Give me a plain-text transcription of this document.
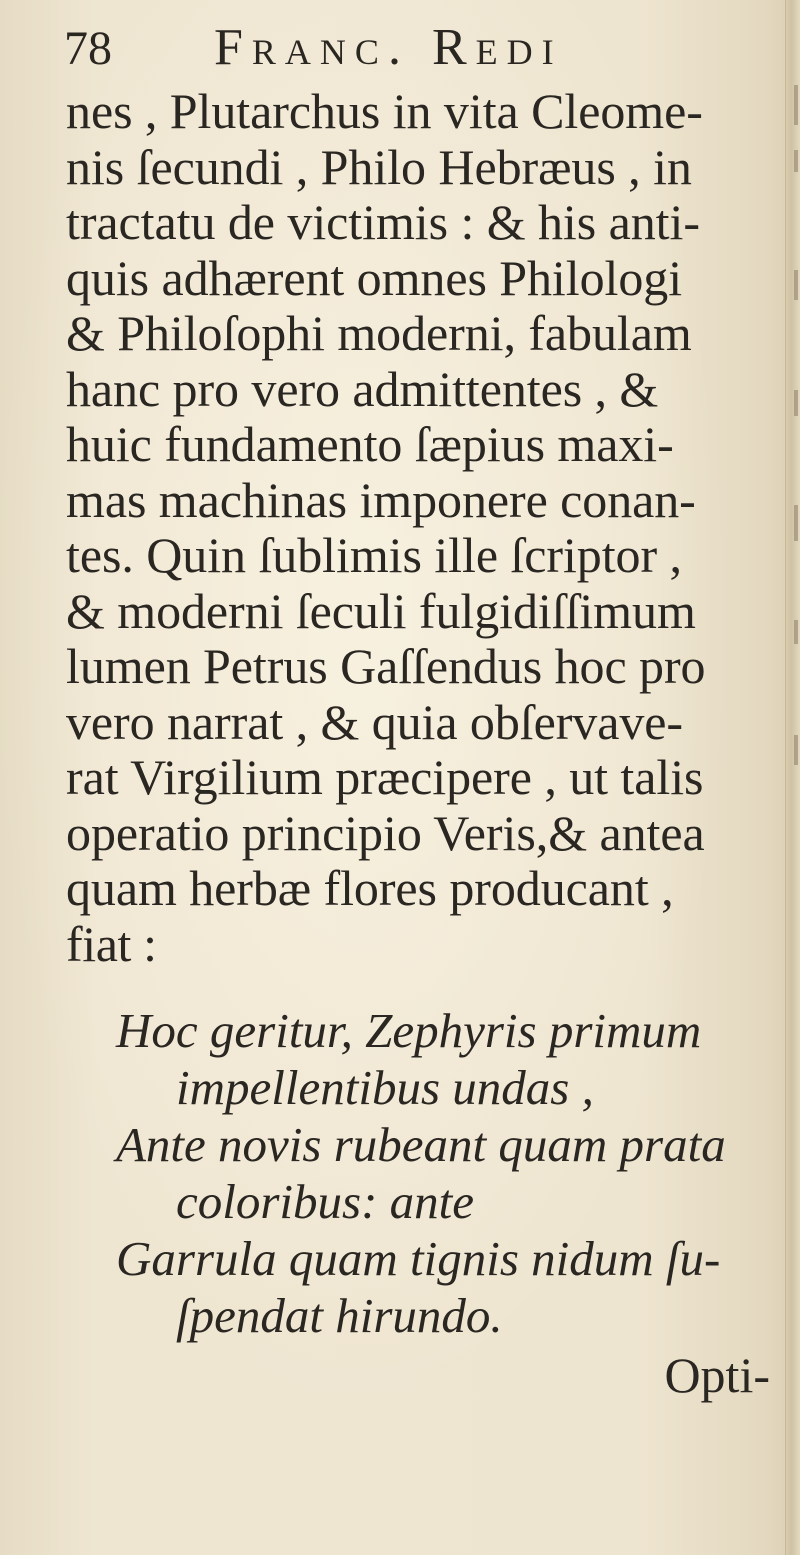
78 Franc. Redi
nes , Plutarchus in vita Cleome-
nis ſecundi , Philo Hebræus , in
tractatu de victimis : & his anti-
quis adhærent omnes Philologi
& Philoſophi moderni, fabulam
hanc pro vero admittentes , &
huic fundamento ſæpius maxi-
mas machinas imponere conan-
tes. Quin ſublimis ille ſcriptor ,
& moderni ſeculi fulgidiſſimum
lumen Petrus Gaſſendus hoc pro
vero narrat , & quia obſervave-
rat Virgilium præcipere , ut talis
operatio principio Veris,& antea
quam herbæ flores producant ,
fiat :
Hoc geritur, Zephyris primum
impellentibus undas ,
Ante novis rubeant quam prata
coloribus: ante
Garrula quam tignis nidum ſu-
ſpendat hirundo.
Opti-
